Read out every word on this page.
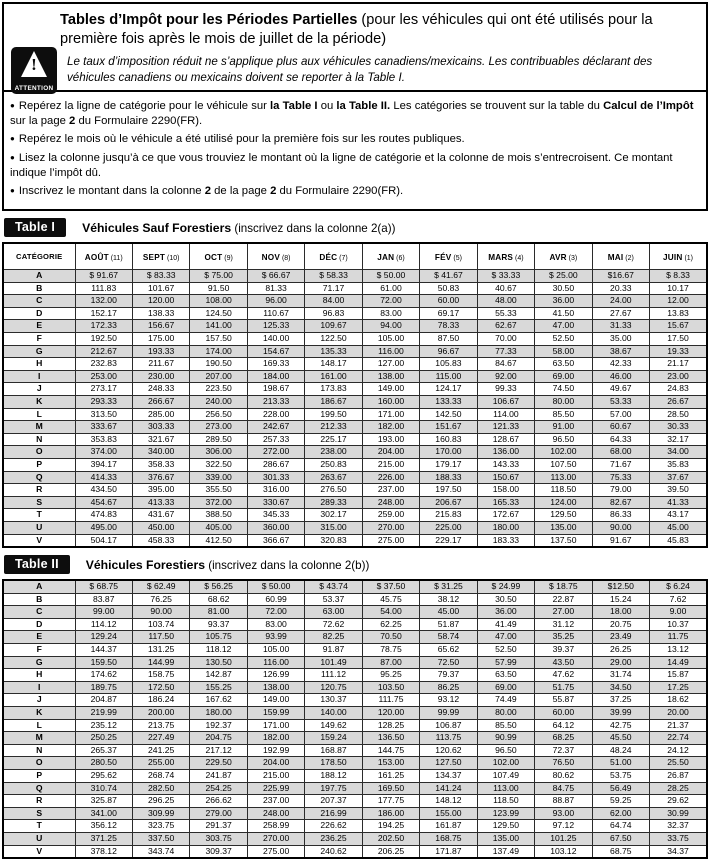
Tables d’Impôt pour les Périodes Partielles (pour les véhicules qui ont été utilisés pour la première fois après le mois de juillet de la période)
!
ATTENTION
Le taux d’imposition réduit ne s’applique plus aux véhicules canadiens/mexicains. Les contribuables déclarant des véhicules canadiens ou mexicains doivent se reporter à la Table I.
● Repérez la ligne de catégorie pour le véhicule sur la Table I ou la Table II. Les catégories se trouvent sur la table du Calcul de l’Impôt sur la page 2 du Formulaire 2290(FR).
● Repérez le mois où le véhicule a été utilisé pour la première fois sur les routes publiques.
● Lisez la colonne jusqu’à ce que vous trouviez le montant où la ligne de catégorie et la colonne de mois s’entrecroisent. Ce montant indique l’impôt dû.
● Inscrivez le montant dans la colonne 2 de la page 2 du Formulaire 2290(FR).
Table I	Véhicules Sauf Forestiers (inscrivez dans la colonne 2(a))
CATÉGORIE	AOÛT (11)	SEPT (10)	OCT (9)	NOV (8)	DÉC (7)	JAN (6)	FÉV (5)	MARS (4)	AVR (3)	MAI (2)	JUIN (1)
A	$ 91.67	$ 83.33	$ 75.00	$ 66.67	$ 58.33	$ 50.00	$ 41.67	$ 33.33	$ 25.00	$16.67	$ 8.33
B	111.83	101.67	91.50	81.33	71.17	61.00	50.83	40.67	30.50	20.33	10.17
C	132.00	120.00	108.00	96.00	84.00	72.00	60.00	48.00	36.00	24.00	12.00
D	152.17	138.33	124.50	110.67	96.83	83.00	69.17	55.33	41.50	27.67	13.83
E	172.33	156.67	141.00	125.33	109.67	94.00	78.33	62.67	47.00	31.33	15.67
F	192.50	175.00	157.50	140.00	122.50	105.00	87.50	70.00	52.50	35.00	17.50
G	212.67	193.33	174.00	154.67	135.33	116.00	96.67	77.33	58.00	38.67	19.33
H	232.83	211.67	190.50	169.33	148.17	127.00	105.83	84.67	63.50	42.33	21.17
I	253.00	230.00	207.00	184.00	161.00	138.00	115.00	92.00	69.00	46.00	23.00
J	273.17	248.33	223.50	198.67	173.83	149.00	124.17	99.33	74.50	49.67	24.83
K	293.33	266.67	240.00	213.33	186.67	160.00	133.33	106.67	80.00	53.33	26.67
L	313.50	285.00	256.50	228.00	199.50	171.00	142.50	114.00	85.50	57.00	28.50
M	333.67	303.33	273.00	242.67	212.33	182.00	151.67	121.33	91.00	60.67	30.33
N	353.83	321.67	289.50	257.33	225.17	193.00	160.83	128.67	96.50	64.33	32.17
O	374.00	340.00	306.00	272.00	238.00	204.00	170.00	136.00	102.00	68.00	34.00
P	394.17	358.33	322.50	286.67	250.83	215.00	179.17	143.33	107.50	71.67	35.83
Q	414.33	376.67	339.00	301.33	263.67	226.00	188.33	150.67	113.00	75.33	37.67
R	434.50	395.00	355.50	316.00	276.50	237.00	197.50	158.00	118.50	79.00	39.50
S	454.67	413.33	372.00	330.67	289.33	248.00	206.67	165.33	124.00	82.67	41.33
T	474.83	431.67	388.50	345.33	302.17	259.00	215.83	172.67	129.50	86.33	43.17
U	495.00	450.00	405.00	360.00	315.00	270.00	225.00	180.00	135.00	90.00	45.00
V	504.17	458.33	412.50	366.67	320.83	275.00	229.17	183.33	137.50	91.67	45.83
Table II	Véhicules Forestiers (inscrivez dans la colonne 2(b))
A	$ 68.75	$ 62.49	$ 56.25	$ 50.00	$ 43.74	$ 37.50	$ 31.25	$ 24.99	$ 18.75	$12.50	$ 6.24
B	83.87	76.25	68.62	60.99	53.37	45.75	38.12	30.50	22.87	15.24	7.62
C	99.00	90.00	81.00	72.00	63.00	54.00	45.00	36.00	27.00	18.00	9.00
D	114.12	103.74	93.37	83.00	72.62	62.25	51.87	41.49	31.12	20.75	10.37
E	129.24	117.50	105.75	93.99	82.25	70.50	58.74	47.00	35.25	23.49	11.75
F	144.37	131.25	118.12	105.00	91.87	78.75	65.62	52.50	39.37	26.25	13.12
G	159.50	144.99	130.50	116.00	101.49	87.00	72.50	57.99	43.50	29.00	14.49
H	174.62	158.75	142.87	126.99	111.12	95.25	79.37	63.50	47.62	31.74	15.87
I	189.75	172.50	155.25	138.00	120.75	103.50	86.25	69.00	51.75	34.50	17.25
J	204.87	186.24	167.62	149.00	130.37	111.75	93.12	74.49	55.87	37.25	18.62
K	219.99	200.00	180.00	159.99	140.00	120.00	99.99	80.00	60.00	39.99	20.00
L	235.12	213.75	192.37	171.00	149.62	128.25	106.87	85.50	64.12	42.75	21.37
M	250.25	227.49	204.75	182.00	159.24	136.50	113.75	90.99	68.25	45.50	22.74
N	265.37	241.25	217.12	192.99	168.87	144.75	120.62	96.50	72.37	48.24	24.12
O	280.50	255.00	229.50	204.00	178.50	153.00	127.50	102.00	76.50	51.00	25.50
P	295.62	268.74	241.87	215.00	188.12	161.25	134.37	107.49	80.62	53.75	26.87
Q	310.74	282.50	254.25	225.99	197.75	169.50	141.24	113.00	84.75	56.49	28.25
R	325.87	296.25	266.62	237.00	207.37	177.75	148.12	118.50	88.87	59.25	29.62
S	341.00	309.99	279.00	248.00	216.99	186.00	155.00	123.99	93.00	62.00	30.99
T	356.12	323.75	291.37	258.99	226.62	194.25	161.87	129.50	97.12	64.74	32.37
U	371.25	337.50	303.75	270.00	236.25	202.50	168.75	135.00	101.25	67.50	33.75
V	378.12	343.74	309.37	275.00	240.62	206.25	171.87	137.49	103.12	68.75	34.37
